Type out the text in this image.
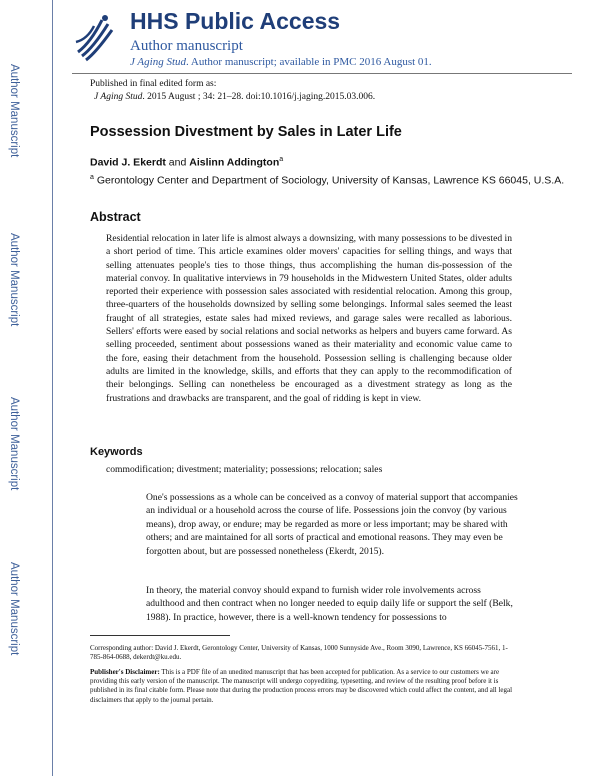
Author Manuscript
Author Manuscript
Author Manuscript
Author Manuscript
HHS Public Access
Author manuscript
J Aging Stud. Author manuscript; available in PMC 2016 August 01.
Published in final edited form as:
J Aging Stud. 2015 August ; 34: 21–28. doi:10.1016/j.jaging.2015.03.006.
Possession Divestment by Sales in Later Life
David J. Ekerdt and Aislinn Addington$^a$
$^a$ Gerontology Center and Department of Sociology, University of Kansas, Lawrence KS 66045, U.S.A.
Abstract

Residential relocation in later life is almost always a downsizing, with many possessions to be divested in a short period of time. This article examines older movers' capacities for selling things, and ways that selling attenuates people's ties to those things, thus accomplishing the human dis-possession of the material convoy. In qualitative interviews in 79 households in the Midwestern United States, older adults reported their experience with possession sales associated with residential relocation. Among this group, three-quarters of the households downsized by selling some belongings. Informal sales seemed the least fraught of all strategies, estate sales had mixed reviews, and garage sales were recalled as laborious. Sellers' efforts were eased by social relations and social networks as helpers and buyers came forward. As selling proceeded, sentiment about possessions waned as their materiality and economic value came to the fore, easing their detachment from the household. Possession selling is challenging because older adults are limited in the knowledge, skills, and efforts that they can apply to the recommodification of their belongings. Selling can nonetheless be encouraged as a divestment strategy as long as the frustrations and drawbacks are transparent, and the goal of ridding is kept in view.

Keywords
commodification; divestment; materiality; possessions; relocation; sales

One's possessions as a whole can be conceived as a convoy of material support that accompanies an individual or a household across the course of life. Possessions join the convoy (by various means), drop away, or endure; may be regarded as more or less important; may be shared with others; and are maintained for all sorts of practical and emotional reasons. They may even be forgotten about, but are possessed nonetheless (Ekerdt, 2015).

In theory, the material convoy should expand to furnish wider role involvements across adulthood and then contract when no longer needed to equip daily life or support the self (Belk, 1988). In practice, however, there is a well-known tendency for possessions to

Corresponding author: David J. Ekerdt, Gerontology Center, University of Kansas, 1000 Sunnyside Ave., Room 3090, Lawrence, KS 66045-7561, 1-785-864-0688, dekerdt@ku.edu.
Publisher's Disclaimer: This is a PDF file of an unedited manuscript that has been accepted for publication. As a service to our customers we are providing this early version of the manuscript. The manuscript will undergo copyediting, typesetting, and review of the resulting proof before it is published in its final citable form. Please note that during the production process errors may be discovered which could affect the content, and all legal disclaimers that apply to the journal pertain.
